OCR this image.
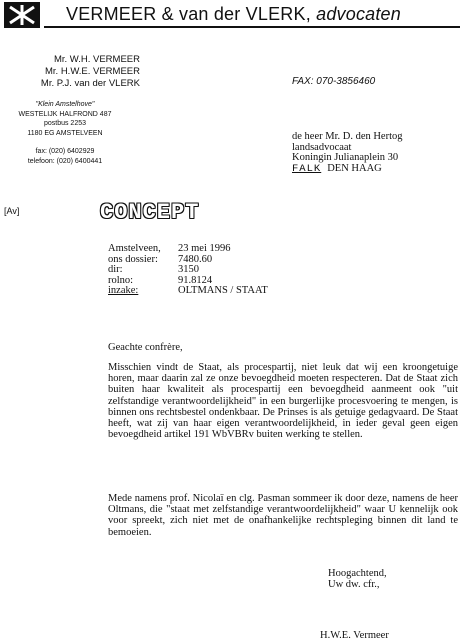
VERMEER & van der VLERK, advocaten
Mr. W.H. VERMEER
Mr. H.W.E. VERMEER
Mr. P.J. van der VLERK
"Klein Amstelhove"
WESTELIJK HALFROND 487
postbus 2253
1180 EG AMSTELVEEN
fax: (020) 6402929
telefoon: (020) 6400441
FAX: 070-3856460
de heer Mr. D. den Hertog
landsadvocaat
Koningin Julianaplein 30
FALK DEN HAAG
[Av]	CONCEPT
Amstelveen,	23 mei 1996
ons dossier:	7480.60
dir:	3150
rolno:	91.8124
inzake:	OLTMANS / STAAT
Geachte confrère,

Misschien vindt de Staat, als procespartij, niet leuk dat wij een kroongetuige horen, maar daarin zal ze onze bevoegdheid moeten respecteren. Dat de Staat zich buiten haar kwaliteit als procespartij een bevoegdheid aanmeent ook "uit zelfstandige verantwoordelijkheid" in een burgerlijke procesvoering te mengen, is binnen ons rechtsbestel ondenkbaar. De Prinses is als getuige gedagvaard. De Staat heeft, wat zij van haar eigen verantwoordelijkheid, in ieder geval geen eigen bevoegdheid artikel 191 WbVBRv buiten werking te stellen.

Mede namens prof. Nicolaï en clg. Pasman sommeer ik door deze, namens de heer Oltmans, die "staat met zelfstandige verantwoordelijkheid" waar U kennelijk ook voor spreekt, zich niet met de onafhankelijke rechtspleging binnen dit land te bemoeien.

Hoogachtend,
Uw dw. cfr.,
H.W.E. Vermeer
